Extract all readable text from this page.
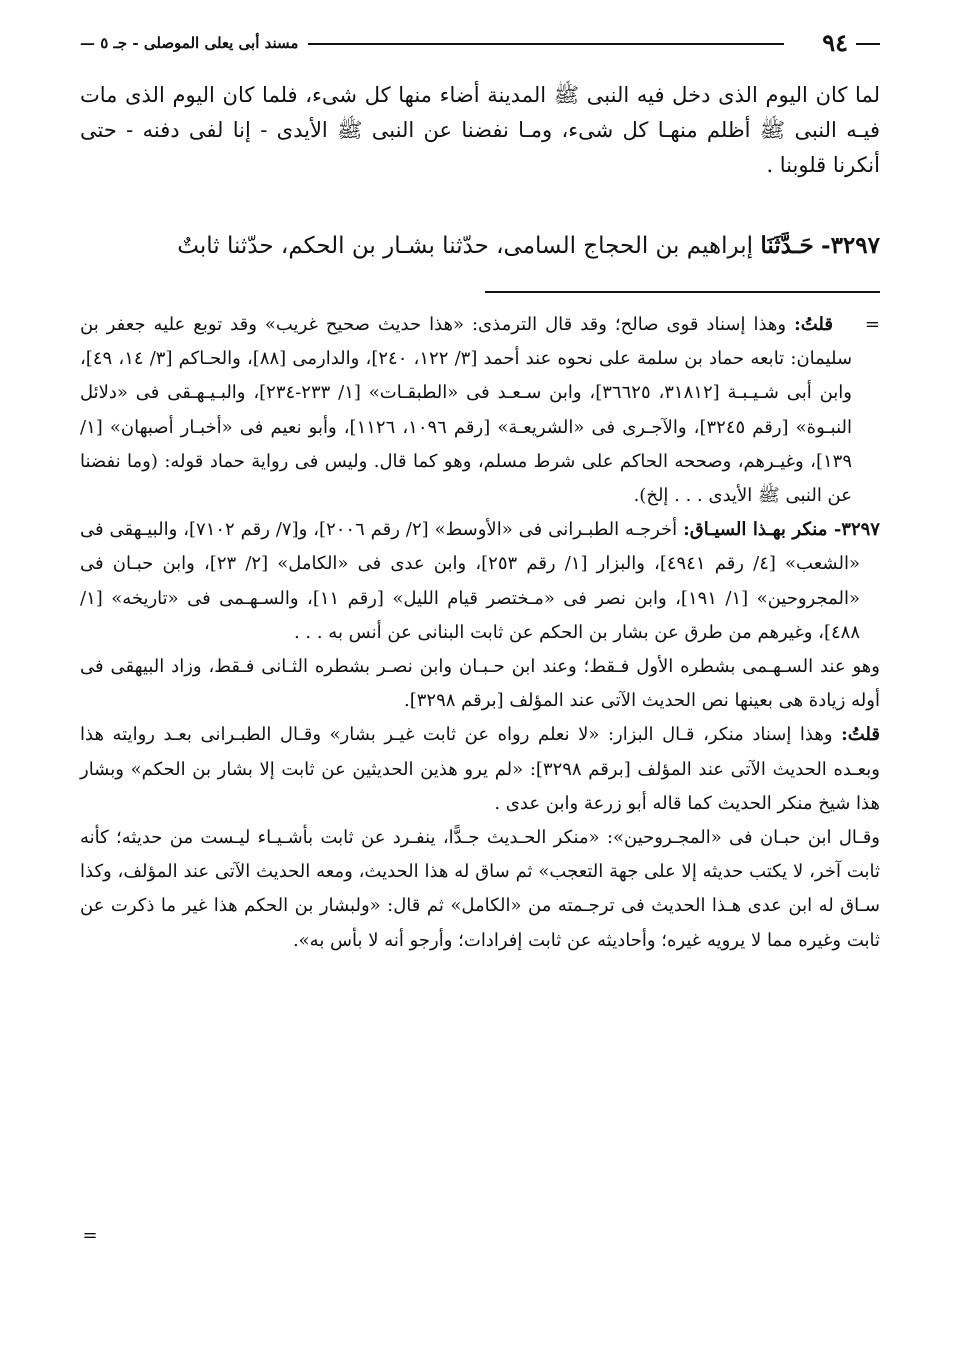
٩٤
مسند أبى يعلى الموصلى - جـ ٥ —

لما كان اليوم الذى دخل فيه النبى ﷺ المدينة أضاء منها كل شىء، فلما كان اليوم الذى مات فيـه النبى ﷺ أظلم منهـا كل شىء، ومـا نفضنا عن النبى ﷺ الأيدى - إنا لفى دفنه - حتى أنكرنا قلوبنا .

٣٢٩٧- حَـدَّثَنَا إبراهيم بن الحجاج السامى، حدّثنا بشـار بن الحكم، حدّثنا ثابتٌ

=    قلتُ: وهذا إسناد قوى صالح؛ وقد قال الترمذى: «هذا حديث صحيح غريب» وقد توبع عليه جعفر بن سليمان: تابعه حماد بن سلمة على نحوه عند أحمد [٣/ ١٢٢، ٢٤٠]، والدارمى [٨٨]، والحـاكم [٣/ ١٤، ٤٩]، وابن أبى شـيـبـة [٣١٨١٢، ٣٦٦٢٥]، وابن سـعـد فى «الطبقـات» [١/ ٢٣٣-٢٣٤]، والبـيـهـقى فى «دلائل النبـوة» [رقم ٣٢٤٥]، والآجـرى فى «الشريعـة» [رقم ١٠٩٦، ١١٢٦]، وأبو نعيم فى «أخبـار أصبهان» [١/ ١٣٩]، وغيـرهم، وصححه الحاكم على شرط مسلم، وهو كما قال. وليس فى رواية حماد قوله: (وما نفضنا عن النبى ﷺ الأيدى . . . إلخ).

٣٢٩٧- منكر بهـذا السيـاق: أخرجـه الطبـرانى فى «الأوسط» [٢/ رقم ٢٠٠٦]، و[٧/ رقم ٧١٠٢]، والبيـهقى فى «الشعب» [٤/ رقم ٤٩٤١]، والبزار [١/ رقم ٢٥٣]، وابن عدى فى «الكامل» [٢/ ٢٣]، وابن حبـان فى «المجروحين» [١/ ١٩١]، وابن نصر فى «مـختصر قيام الليل» [رقم ١١]، والسـهـمى فى «تاريخه» [١/ ٤٨٨]، وغيرهم من طرق عن بشار بن الحكم عن ثابت البنانى عن أنس به . . .

وهو عند السـهـمى بشطره الأول فـقط؛ وعند ابن حـبـان وابن نصـر بشطره الثـانى فـقط، وزاد البيهقى فى أوله زيادة هى بعينها نص الحديث الآتى عند المؤلف [برقم ٣٢٩٨].

قلتُ: وهذا إسناد منكر، قـال البزار: «لا نعلم رواه عن ثابت غيـر بشار» وقـال الطبـرانى بعـد روايته هذا وبعـده الحديث الآتى عند المؤلف [برقم ٣٢٩٨]: «لم يرو هذين الحديثين عن ثابت إلا بشار بن الحكم» وبشار هذا شيخ منكر الحديث كما قاله أبو زرعة وابن عدى .

وقـال ابن حبـان فى «المجـروحين»: «منكر الحـديث جـدًّا، ينفـرد عن ثابت بأشـيـاء ليـست من حديثه؛ كأنه ثابت آخر، لا يكتب حديثه إلا على جهة التعجب» ثم ساق له هذا الحديث، ومعه الحديث الآتى عند المؤلف، وكذا سـاق له ابن عدى هـذا الحديث فى ترجـمته من «الكامل» ثم قال: «ولبشار بن الحكم هذا غير ما ذكرت عن ثابت وغيره مما لا يرويه غيره؛ وأحاديثه عن ثابت إفرادات؛ وأرجو أنه لا بأس به».

=
